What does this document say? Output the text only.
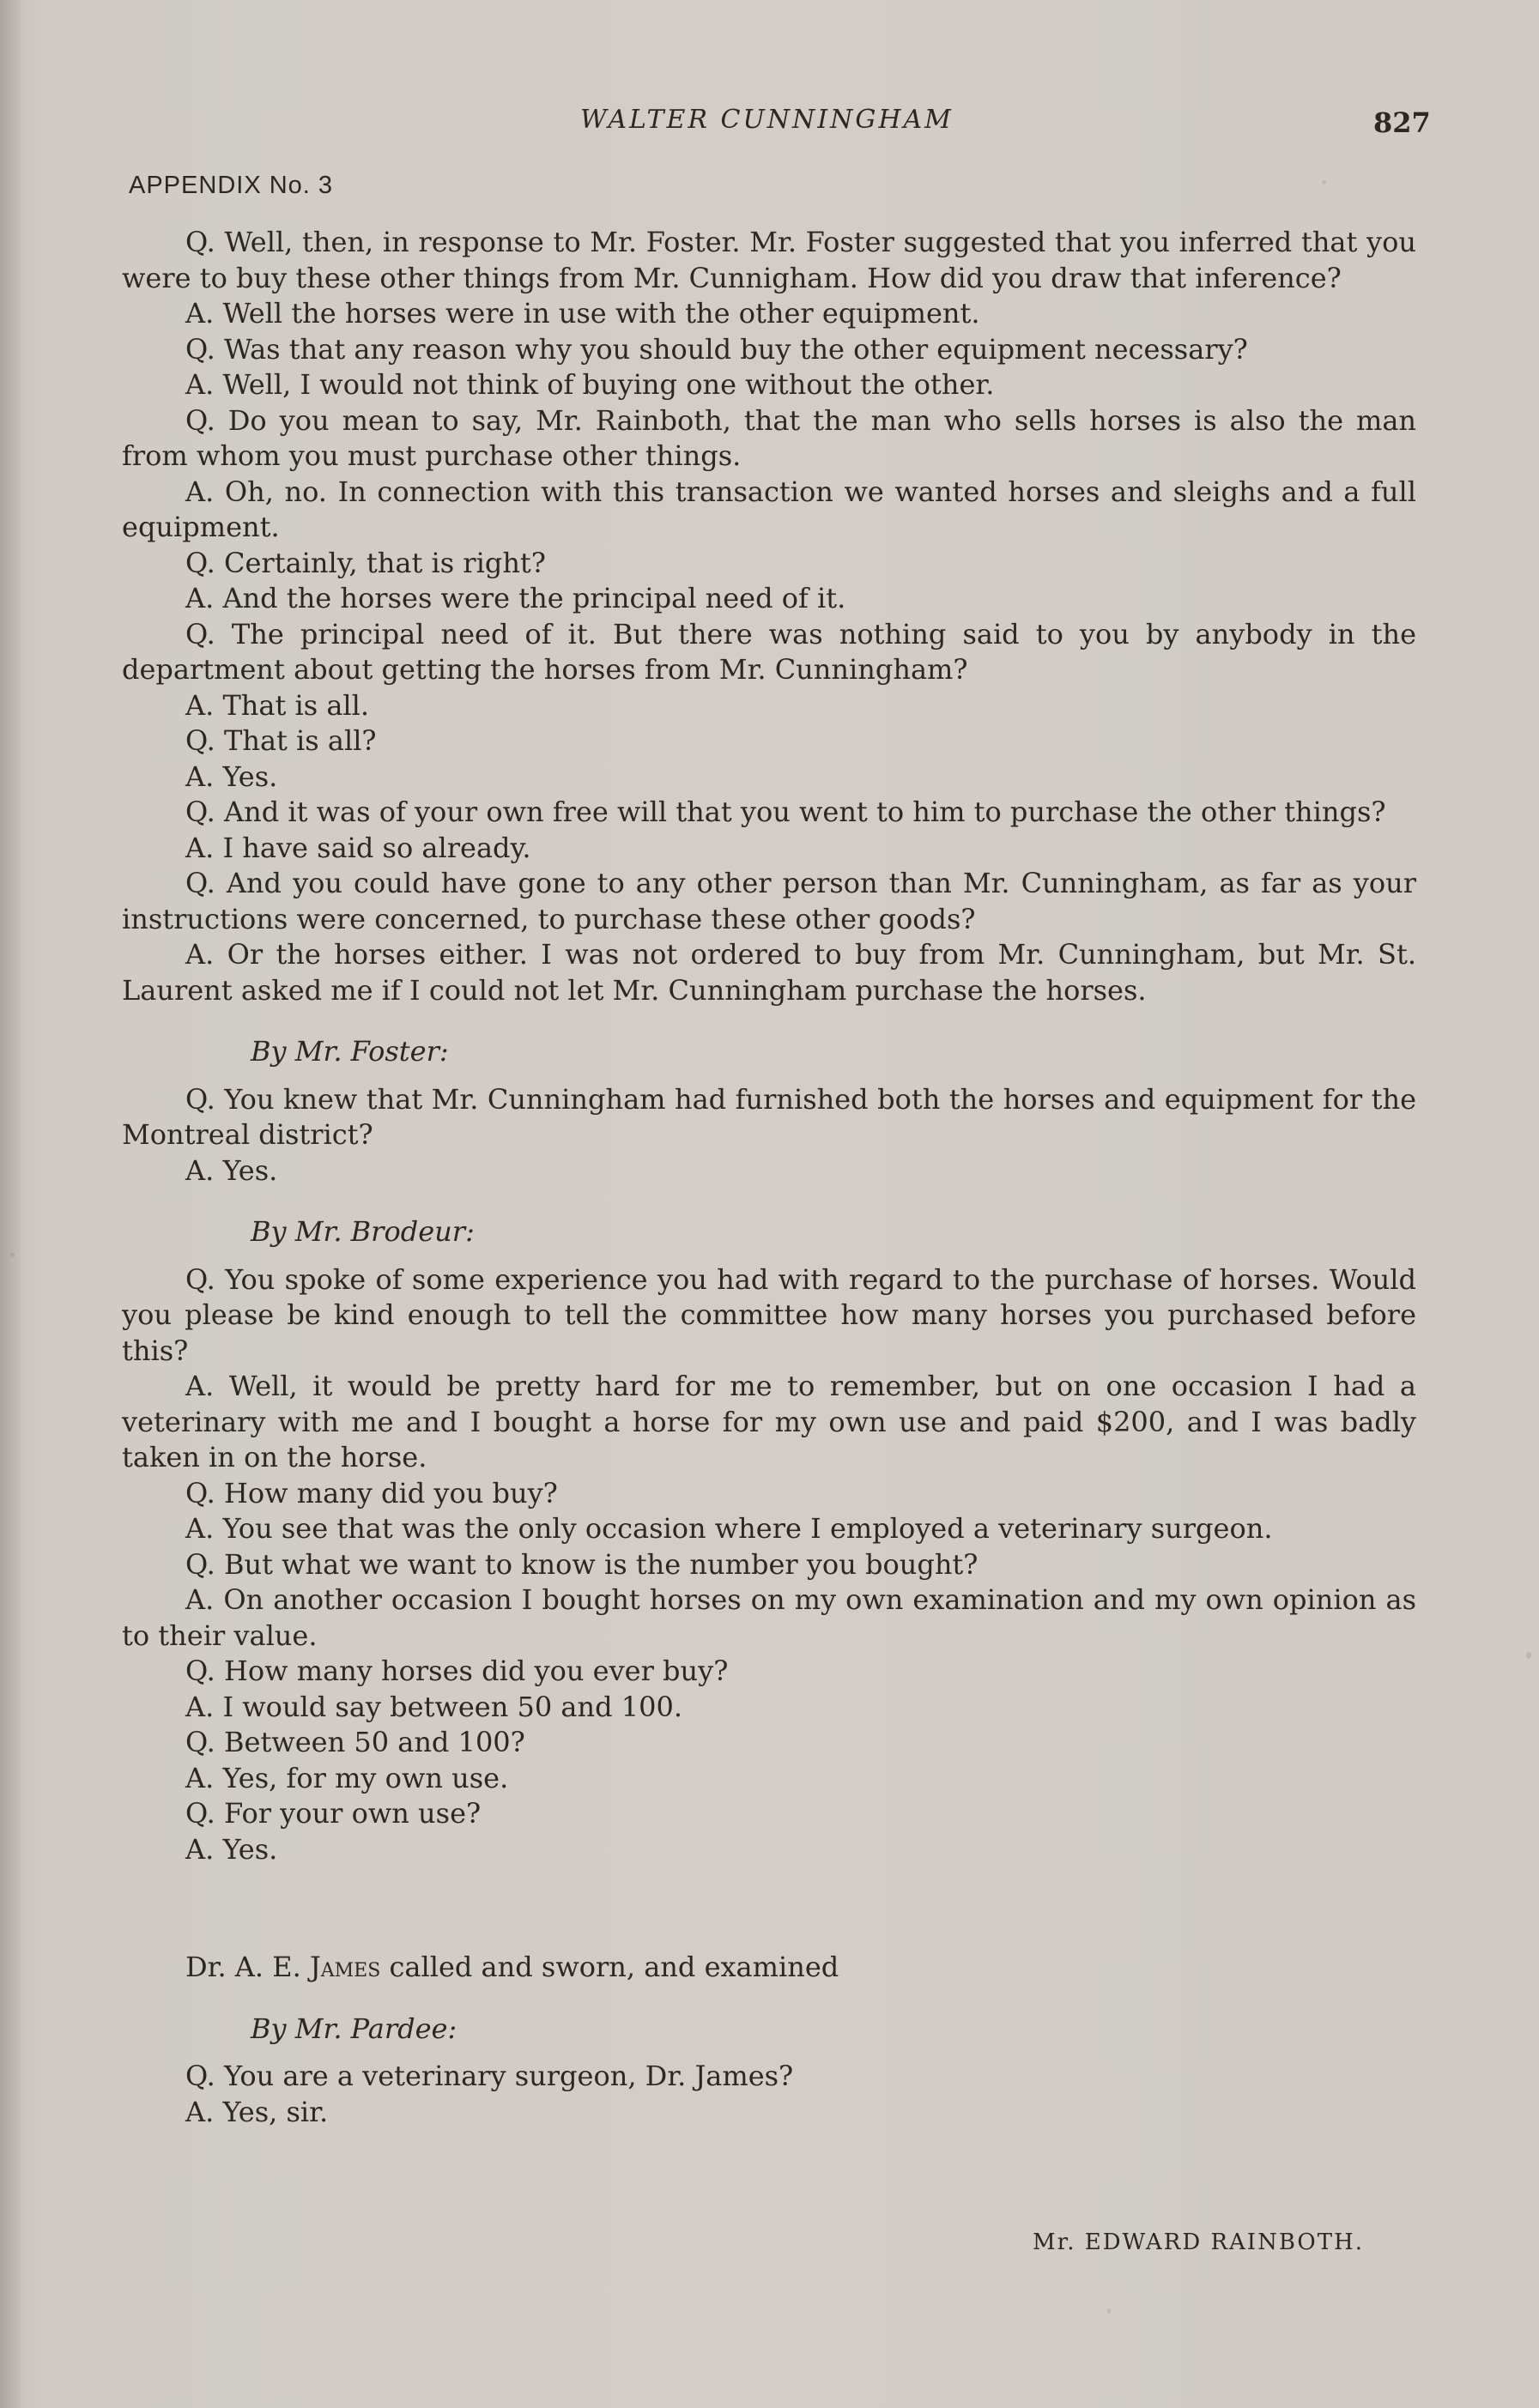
WALTER CUNNINGHAM	827
APPENDIX No. 3

Q. Well, then, in response to Mr. Foster. Mr. Foster suggested that you inferred that you were to buy these other things from Mr. Cunnigham. How did you draw that inference?

A. Well the horses were in use with the other equipment.

Q. Was that any reason why you should buy the other equipment necessary?

A. Well, I would not think of buying one without the other.

Q. Do you mean to say, Mr. Rainboth, that the man who sells horses is also the man from whom you must purchase other things.

A. Oh, no. In connection with this transaction we wanted horses and sleighs and a full equipment.

Q. Certainly, that is right?

A. And the horses were the principal need of it.

Q. The principal need of it. But there was nothing said to you by anybody in the department about getting the horses from Mr. Cunningham?

A. That is all.

Q. That is all?

A. Yes.

Q. And it was of your own free will that you went to him to purchase the other things?

A. I have said so already.

Q. And you could have gone to any other person than Mr. Cunningham, as far as your instructions were concerned, to purchase these other goods?

A. Or the horses either. I was not ordered to buy from Mr. Cunningham, but Mr. St. Laurent asked me if I could not let Mr. Cunningham purchase the horses.

By Mr. Foster:

Q. You knew that Mr. Cunningham had furnished both the horses and equipment for the Montreal district?

A. Yes.

By Mr. Brodeur:

Q. You spoke of some experience you had with regard to the purchase of horses. Would you please be kind enough to tell the committee how many horses you purchased before this?

A. Well, it would be pretty hard for me to remember, but on one occasion I had a veterinary with me and I bought a horse for my own use and paid $200, and I was badly taken in on the horse.

Q. How many did you buy?

A. You see that was the only occasion where I employed a veterinary surgeon.

Q. But what we want to know is the number you bought?

A. On another occasion I bought horses on my own examination and my own opinion as to their value.

Q. How many horses did you ever buy?

A. I would say between 50 and 100.

Q. Between 50 and 100?

A. Yes, for my own use.

Q. For your own use?

A. Yes.

Dr. A. E. James called and sworn, and examined

By Mr. Pardee:

Q. You are a veterinary surgeon, Dr. James?

A. Yes, sir.

Mr. EDWARD RAINBOTH.
